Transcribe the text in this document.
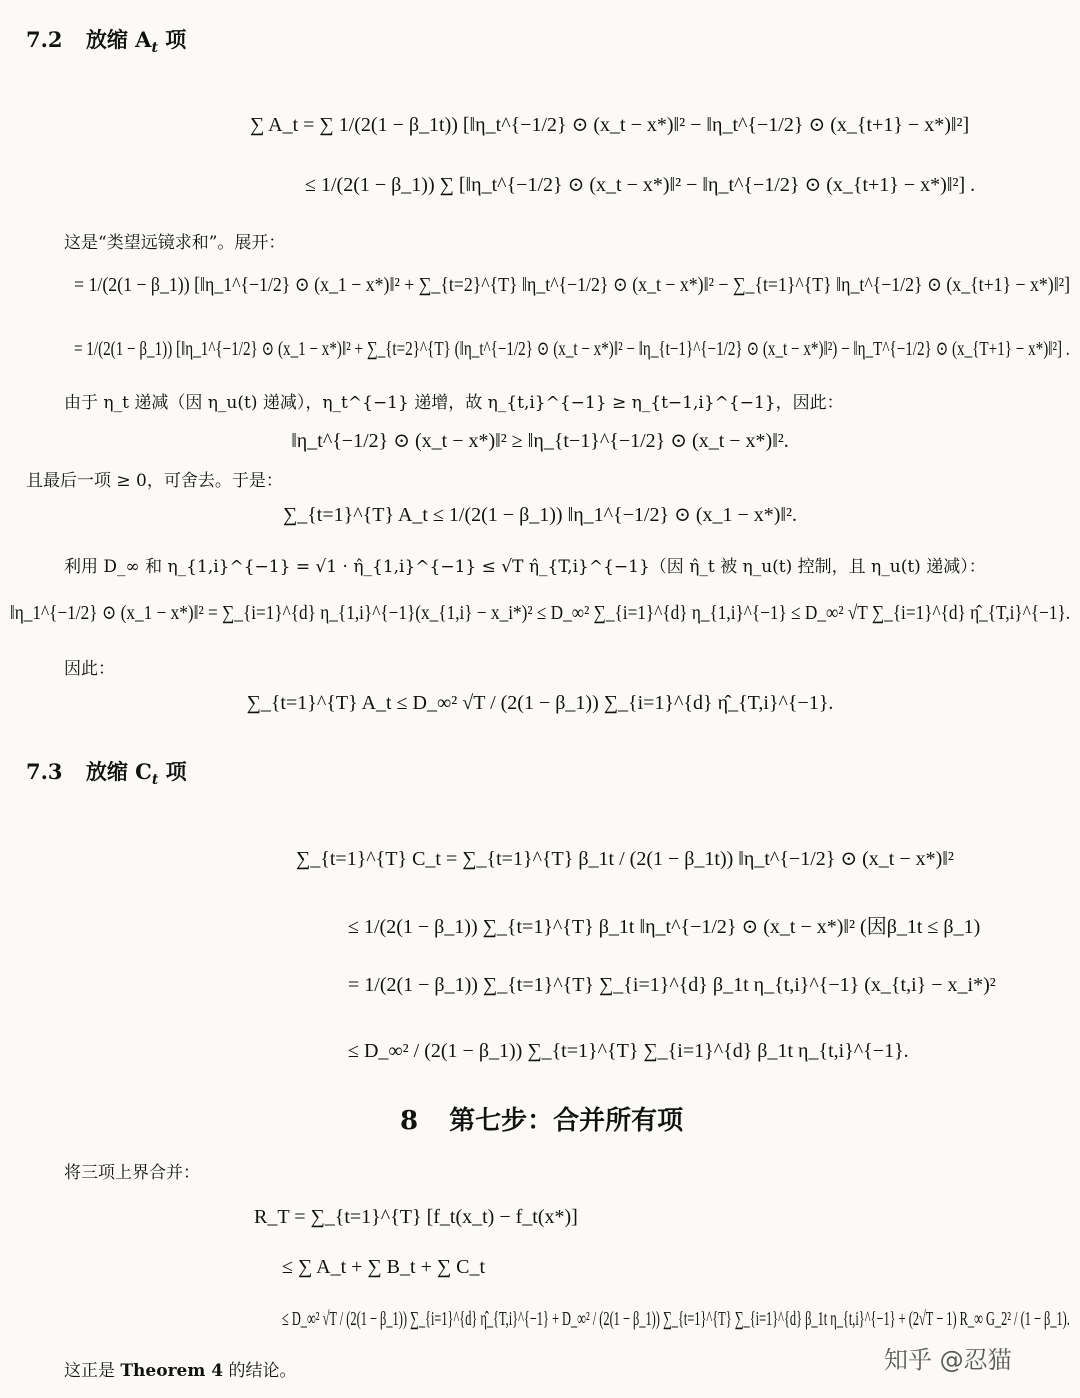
7.2 放缩 $A_t$ 项
∑ A_t = ∑ 1/(2(1 − β_1t)) [‖η_t^{−1/2} ⊙ (x_t − x*)‖² − ‖η_t^{−1/2} ⊙ (x_{t+1} − x*)‖²]
≤ 1/(2(1 − β_1)) ∑ [‖η_t^{−1/2} ⊙ (x_t − x*)‖² − ‖η_t^{−1/2} ⊙ (x_{t+1} − x*)‖²] .
这是“类望远镜求和”。展开：
= 1/(2(1 − β_1)) [‖η_1^{−1/2} ⊙ (x_1 − x*)‖² + ∑_{t=2}^{T} ‖η_t^{−1/2} ⊙ (x_t − x*)‖² − ∑_{t=1}^{T} ‖η_t^{−1/2} ⊙ (x_{t+1} − x*)‖²]
= 1/(2(1 − β_1)) [‖η_1^{−1/2} ⊙ (x_1 − x*)‖² + ∑_{t=2}^{T} (‖η_t^{−1/2} ⊙ (x_t − x*)‖² − ‖η_{t−1}^{−1/2} ⊙ (x_t − x*)‖²) − ‖η_T^{−1/2} ⊙ (x_{T+1} − x*)‖²] .
由于 η_t 递减（因 η_u(t) 递减），η_t^{−1} 递增，故 η_{t,i}^{−1} ≥ η_{t−1,i}^{−1}，因此：
‖η_t^{−1/2} ⊙ (x_t − x*)‖² ≥ ‖η_{t−1}^{−1/2} ⊙ (x_t − x*)‖².
且最后一项 ≥ 0，可舍去。于是：
∑_{t=1}^{T} A_t ≤ 1/(2(1 − β_1)) ‖η_1^{−1/2} ⊙ (x_1 − x*)‖².
利用 D_∞ 和 η_{1,i}^{−1} = √1 · η̂_{1,i}^{−1} ≤ √T η̂_{T,i}^{−1}（因 η̂_t 被 η_u(t) 控制，且 η_u(t) 递减）：
‖η_1^{−1/2} ⊙ (x_1 − x*)‖² = ∑_{i=1}^{d} η_{1,i}^{−1}(x_{1,i} − x_i*)² ≤ D_∞² ∑_{i=1}^{d} η_{1,i}^{−1} ≤ D_∞² √T ∑_{i=1}^{d} η̂_{T,i}^{−1}.
因此：
∑_{t=1}^{T} A_t ≤ D_∞² √T / (2(1 − β_1)) ∑_{i=1}^{d} η̂_{T,i}^{−1}.
7.3 放缩 $C_t$ 项
∑_{t=1}^{T} C_t = ∑_{t=1}^{T} β_1t / (2(1 − β_1t)) ‖η_t^{−1/2} ⊙ (x_t − x*)‖²
≤ 1/(2(1 − β_1)) ∑_{t=1}^{T} β_1t ‖η_t^{−1/2} ⊙ (x_t − x*)‖² (因β_1t ≤ β_1)
= 1/(2(1 − β_1)) ∑_{t=1}^{T} ∑_{i=1}^{d} β_1t η_{t,i}^{−1} (x_{t,i} − x_i*)²
≤ D_∞² / (2(1 − β_1)) ∑_{t=1}^{T} ∑_{i=1}^{d} β_1t η_{t,i}^{−1}.
8 第七步：合并所有项
将三项上界合并：
R_T = ∑_{t=1}^{T} [f_t(x_t) − f_t(x*)]
≤ ∑ A_t + ∑ B_t + ∑ C_t
≤ D_∞² √T / (2(1 − β_1)) ∑_{i=1}^{d} η̂_{T,i}^{−1} + D_∞² / (2(1 − β_1)) ∑_{t=1}^{T} ∑_{i=1}^{d} β_1t η_{t,i}^{−1} + (2√T − 1) R_∞ G_2² / (1 − β_1).
这正是 Theorem 4 的结论。	知乎 @忍猫
